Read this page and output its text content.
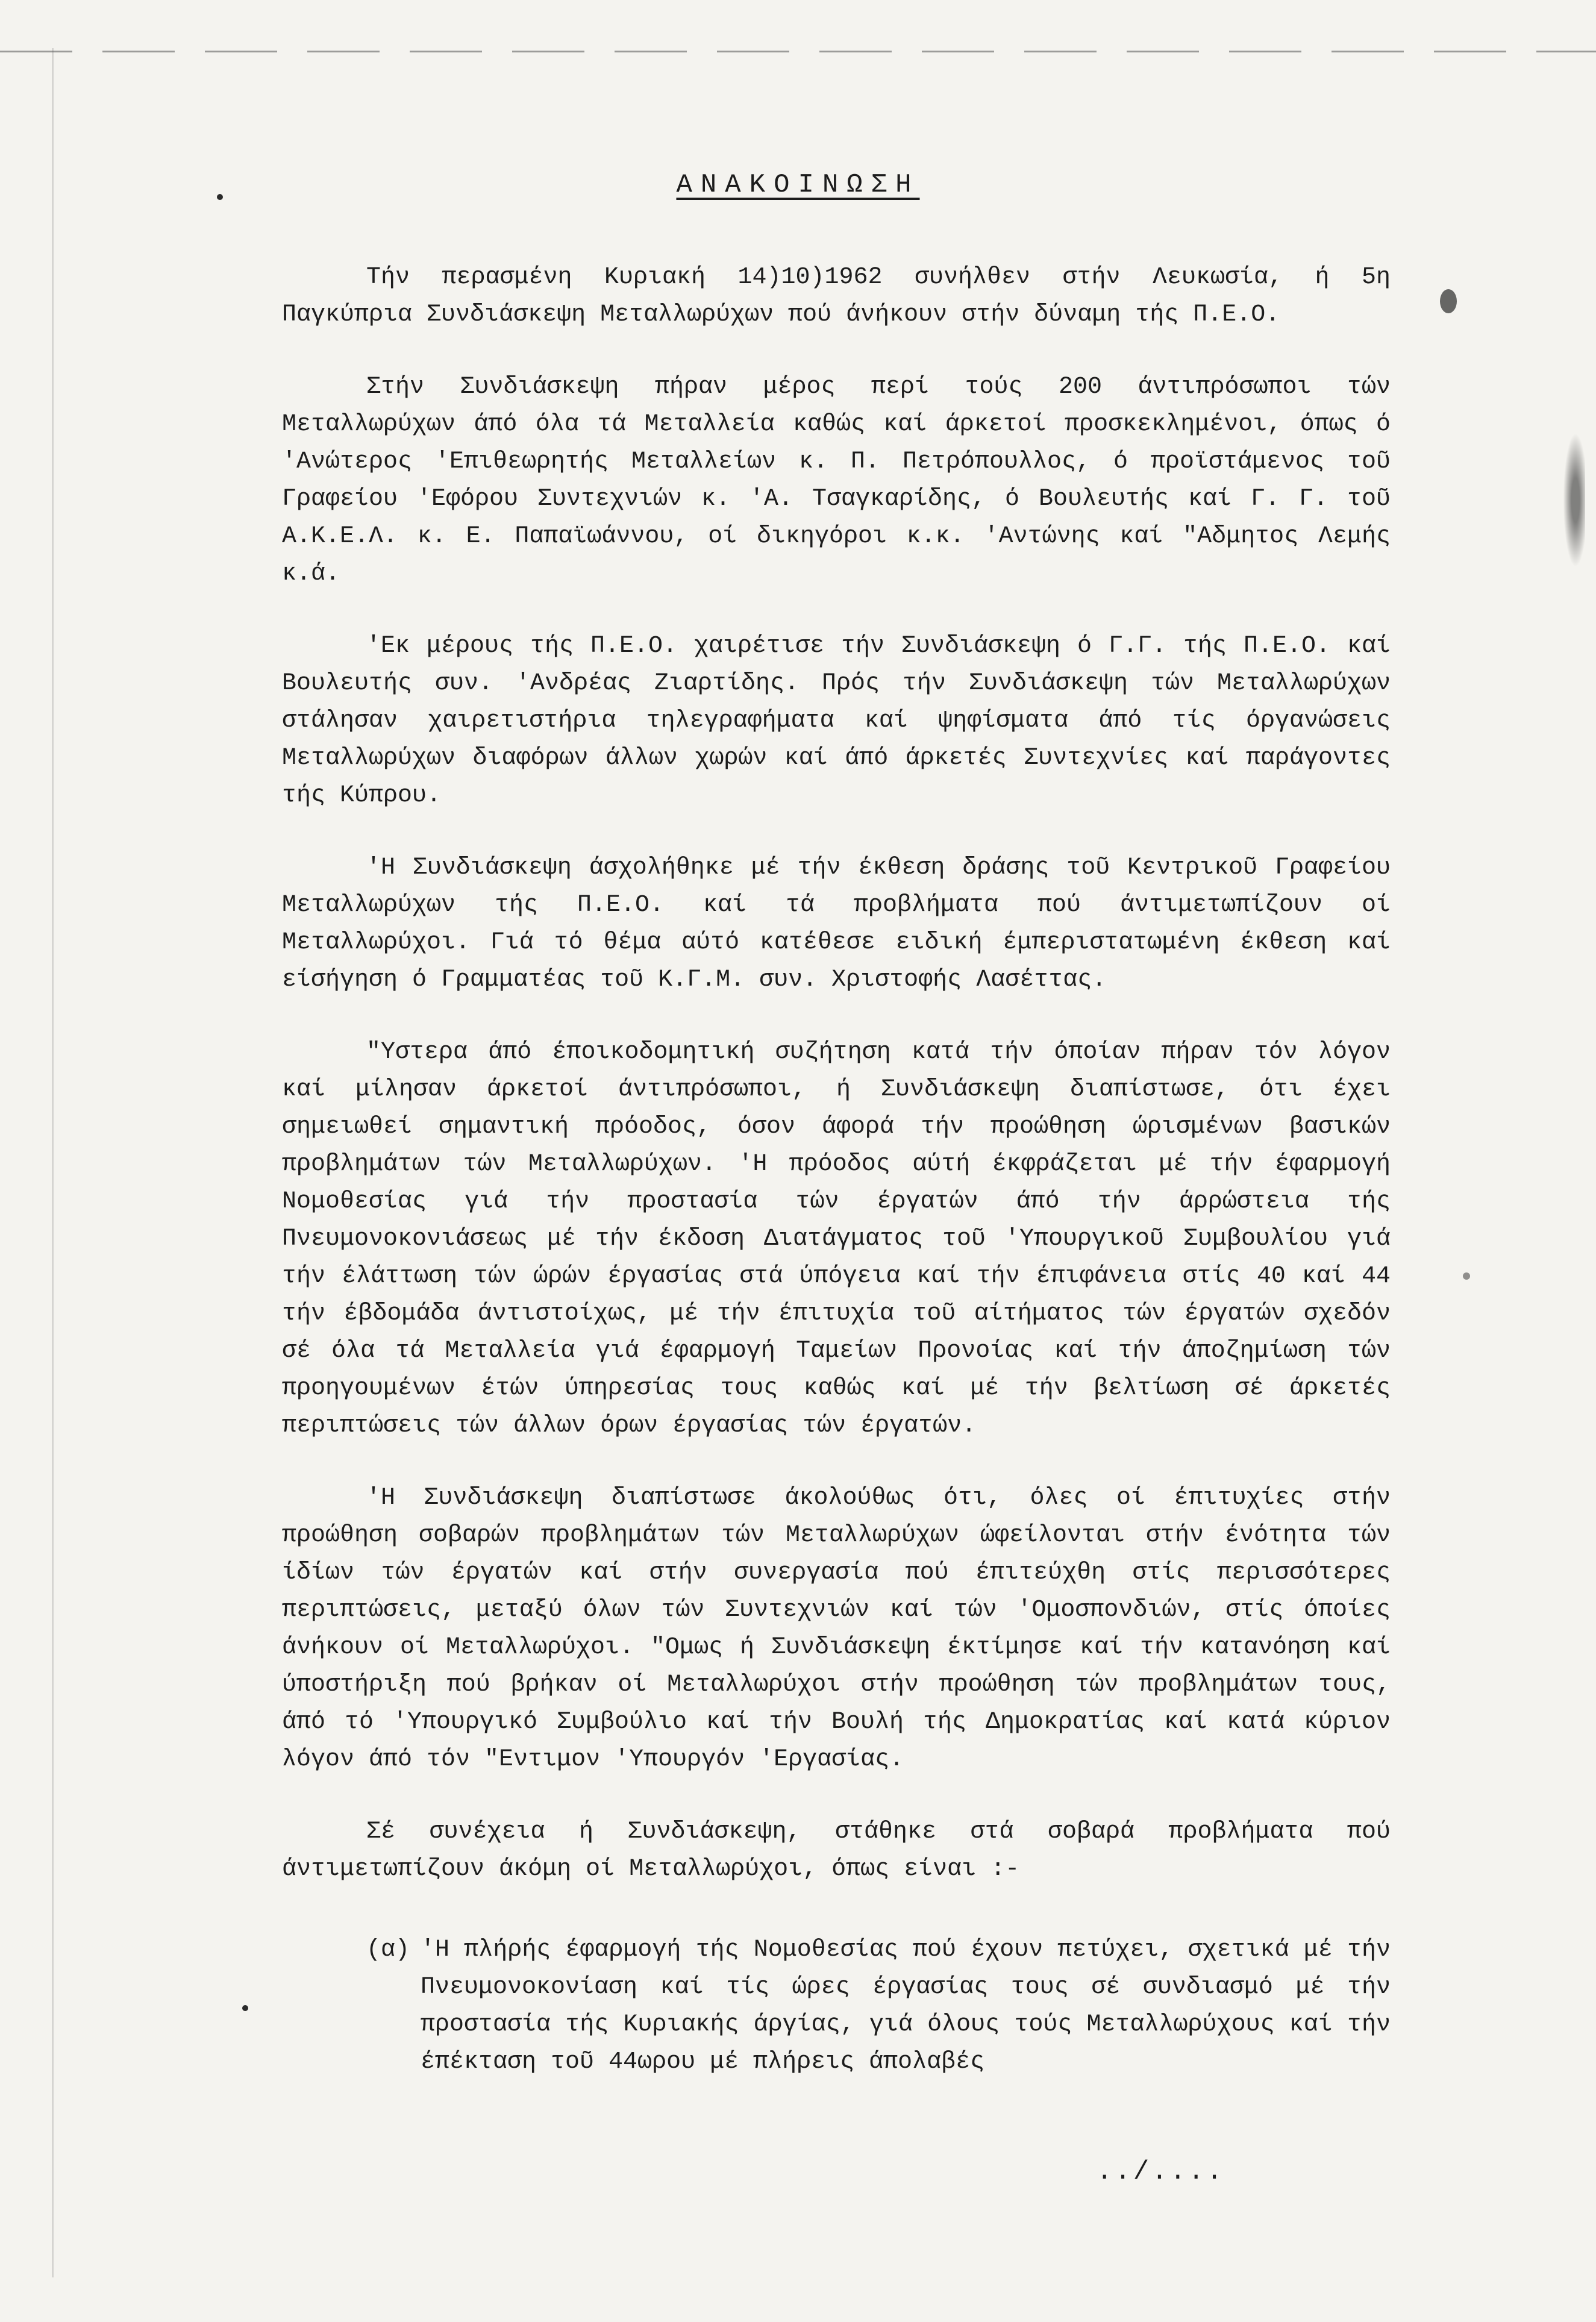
ΑΝΑΚΟΙΝΩΣΗ

Τήν περασμένη Κυριακή 14)10)1962 συνήλθεν στήν Λευκωσία, ή 5η Παγκύπρια Συνδιάσκεψη Μεταλλωρύχων πού άνήκουν στήν δύναμη τής Π.Ε.Ο.

Στήν Συνδιάσκεψη πήραν μέρος περί τούς 200 άντιπρόσωποι τών Μεταλλωρύχων άπό όλα τά Μεταλλεία καθώς καί άρκετοί προσκεκλημένοι, όπως ό 'Ανώτερος 'Επιθεωρητής Μεταλλείων κ. Π. Πετρόπουλλος, ό προϊστάμενος τοῦ Γραφείου 'Εφόρου Συντεχνιών κ. 'Α. Τσαγκαρίδης, ό Βουλευτής καί Γ. Γ. τοῦ Α.Κ.Ε.Λ. κ. Ε. Παπαϊωάννου, οί δικηγόροι κ.κ. 'Αντώνης καί "Αδμητος Λεμής κ.ά.

'Εκ μέρους τής Π.Ε.Ο. χαιρέτισε τήν Συνδιάσκεψη ό Γ.Γ. τής Π.Ε.Ο. καί Βουλευτής συν. 'Ανδρέας Ζιαρτίδης. Πρός τήν Συνδιάσκεψη τών Μεταλλωρύχων στάλησαν χαιρετιστήρια τηλεγραφήματα καί ψηφίσματα άπό τίς όργανώσεις Μεταλλωρύχων διαφόρων άλλων χωρών καί άπό άρκετές Συντεχνίες καί παράγοντες τής Κύπρου.

'Η Συνδιάσκεψη άσχολήθηκε μέ τήν έκθεση δράσης τοῦ Κεντρικοῦ Γραφείου Μεταλλωρύχων τής Π.Ε.Ο. καί τά προβλήματα πού άντιμετωπίζουν οί Μεταλλωρύχοι. Γιά τό θέμα αύτό κατέθεσε ειδική έμπεριστατωμένη έκθεση καί είσήγηση ό Γραμματέας τοῦ Κ.Γ.Μ. συν. Χριστοφής Λασέττας.

"Υστερα άπό έποικοδομητική συζήτηση κατά τήν όποίαν πήραν τόν λόγον καί μίλησαν άρκετοί άντιπρόσωποι, ή Συνδιάσκεψη διαπίστωσε, ότι έχει σημειωθεί σημαντική πρόοδος, όσον άφορά τήν προώθηση ώρισμένων βασικών προβλημάτων τών Μεταλλωρύχων. 'Η πρόοδος αύτή έκφράζεται μέ τήν έφαρμογή Νομοθεσίας γιά τήν προστασία τών έργατών άπό τήν άρρώστεια τής Πνευμονοκονιάσεως μέ τήν έκδοση Διατάγματος τοῦ 'Υπουργικοῦ Συμβουλίου γιά τήν έλάττωση τών ώρών έργασίας στά ύπόγεια καί τήν έπιφάνεια στίς 40 καί 44 τήν έβδομάδα άντιστοίχως, μέ τήν έπιτυχία τοῦ αίτήματος τών έργατών σχεδόν σέ όλα τά Μεταλλεία γιά έφαρμογή Ταμείων Προνοίας καί τήν άποζημίωση τών προηγουμένων έτών ύπηρεσίας τους καθώς καί μέ τήν βελτίωση σέ άρκετές περιπτώσεις τών άλλων όρων έργασίας τών έργατών.

'Η Συνδιάσκεψη διαπίστωσε άκολούθως ότι, όλες οί έπιτυχίες στήν προώθηση σοβαρών προβλημάτων τών Μεταλλωρύχων ώφείλονται στήν ένότητα τών ίδίων τών έργατών καί στήν συνεργασία πού έπιτεύχθη στίς περισσότερες περιπτώσεις, μεταξύ όλων τών Συντεχνιών καί τών 'Ομοσπονδιών, στίς όποίες άνήκουν οί Μεταλλωρύχοι. "Ομως ή Συνδιάσκεψη έκτίμησε καί τήν κατανόηση καί ύποστήριξη πού βρήκαν οί Μεταλλωρύχοι στήν προώθηση τών προβλημάτων τους, άπό τό 'Υπουργικό Συμβούλιο καί τήν Βουλή τής Δημοκρατίας καί κατά κύριον λόγον άπό τόν "Εντιμον 'Υπουργόν 'Εργασίας.

Σέ συνέχεια ή Συνδιάσκεψη, στάθηκε στά σοβαρά προβλήματα πού άντιμετωπίζουν άκόμη οί Μεταλλωρύχοι, όπως είναι :-

(α) 'Η πλήρής έφαρμογή τής Νομοθεσίας πού έχουν πετύχει, σχετικά μέ τήν Πνευμονοκονίαση καί τίς ώρες έργασίας τους σέ συνδιασμό μέ τήν προστασία τής Κυριακής άργίας, γιά όλους τούς Μεταλλωρύχους καί τήν έπέκταση τοῦ 44ωρου μέ πλήρεις άπολαβές

../....
